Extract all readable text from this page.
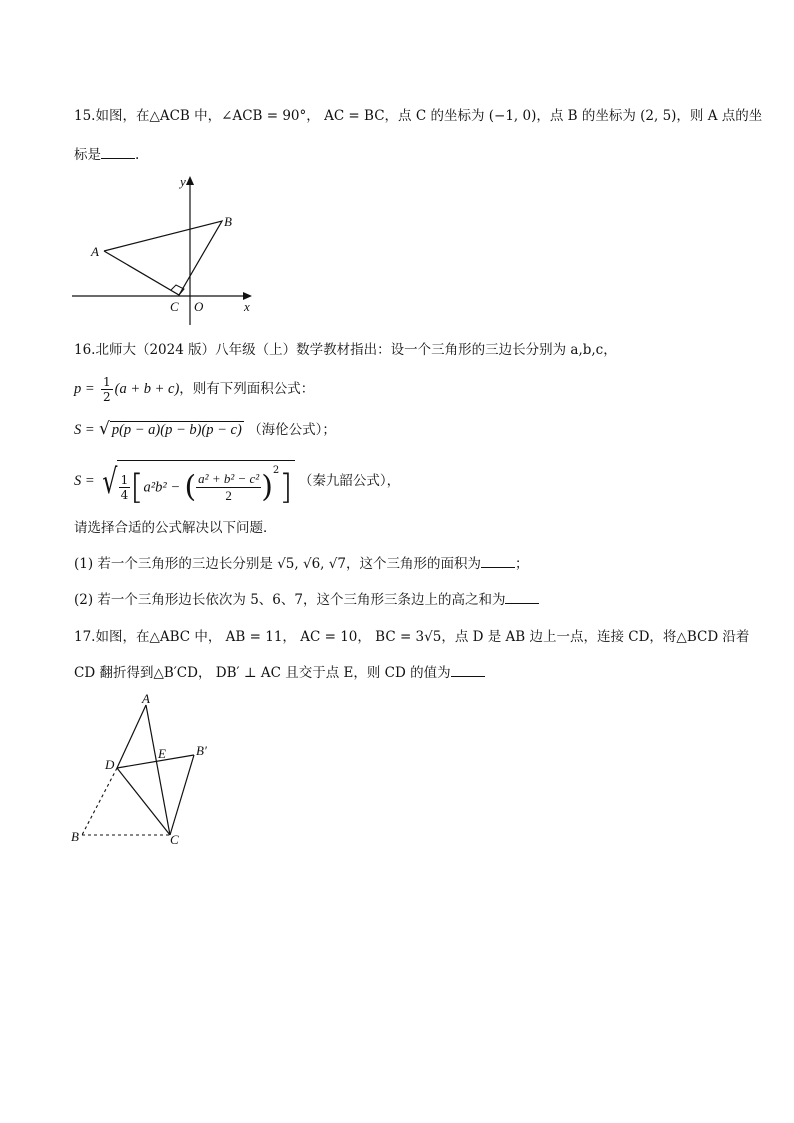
15.如图，在△ACB 中，∠ACB = 90°， AC = BC，点 C 的坐标为 (−1, 0)，点 B 的坐标为 (2, 5)，则 A 点的坐
标是	.
y
x
A
B
C O
16.北师大（2024 版）八年级（上）数学教材指出：设一个三角形的三边长分别为 a,b,c，
$p = \frac{1}{2} (a + b + c)$，则有下列面积公式：
S = √ p(p − a)(p − b)(p − c) （海伦公式）；
S = √ $\frac{1}{4} [a^2b^2$ − ( $\frac{\text{a² + b² − c²}}{2} )^2$] （秦九韶公式），
请选择合适的公式解决以下问题．
(1) 若一个三角形的三边长分别是 √5, √6, √7，这个三角形的面积为	；
(2) 若一个三角形边长依次为 5、6、7，这个三角形三条边上的高之和为
17.如图，在△ABC 中， AB = 11， AC = 10， BC = 3√5，点 D 是 AB 边上一点，连接 CD，将△BCD 沿着
CD 翻折得到△B′CD， DB′ ⊥ AC 且交于点 E，则 CD 的值为
A
D
E B′
B	C
